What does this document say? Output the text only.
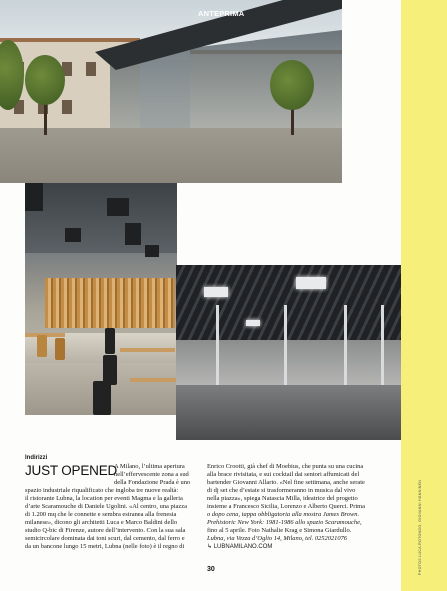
ANTEPRIMA
Indirizzi
JUST OPENED
A Milano, l’ultima apertura
nell’effervescente zona a sud
della Fondazione Prada è uno
spazio industriale riqualificato che ingloba tre nuove realtà:
il ristorante Lubna, la location per eventi Magma e la galleria
d’arte Scaramouche di Daniele Ugolini. «Al centro, una piazza
di 1.200 mq che le connette e sembra estranea alla frenesia
milanese», dicono gli architetti Luca e Marco Baldini dello
studio Q-bic di Firenze, autore dell’intervento. Con la sua sala
semicircolare dominata dai toni scuri, dal cemento, dal ferro e
da un bancone lungo 15 metri, Lubna (nelle foto) è il regno di
Enrico Crootti, già chef di Moebius, che punta su una cucina
alla brace rivisitata, e sui cocktail dai sentori affumicati del
bartender Giovanni Allario. «Nel fine settimana, anche serate
di dj set che d’estate si trasformeranno in musica dal vivo
nella piazza», spiega Natascia Milla, ideatrice del progetto
insieme a Francesco Sicilia, Lorenzo e Alberto Querci. Prima
o dopo cena, tappa obbligatoria alla mostra James Brown.
Prehistoric New York: 1981-1986 allo spazio Scaramouche,
fino al 5 aprile. Foto Nathalie Krag e Simona Giardullo.
Lubna, via Vezza d’Oglio 14, Milano, tel. 0252021076
↳ LUBNAMILANO.COM
30	PHOTOS LUCA ROTONDO, GIOVANNI HÄNNINEN
